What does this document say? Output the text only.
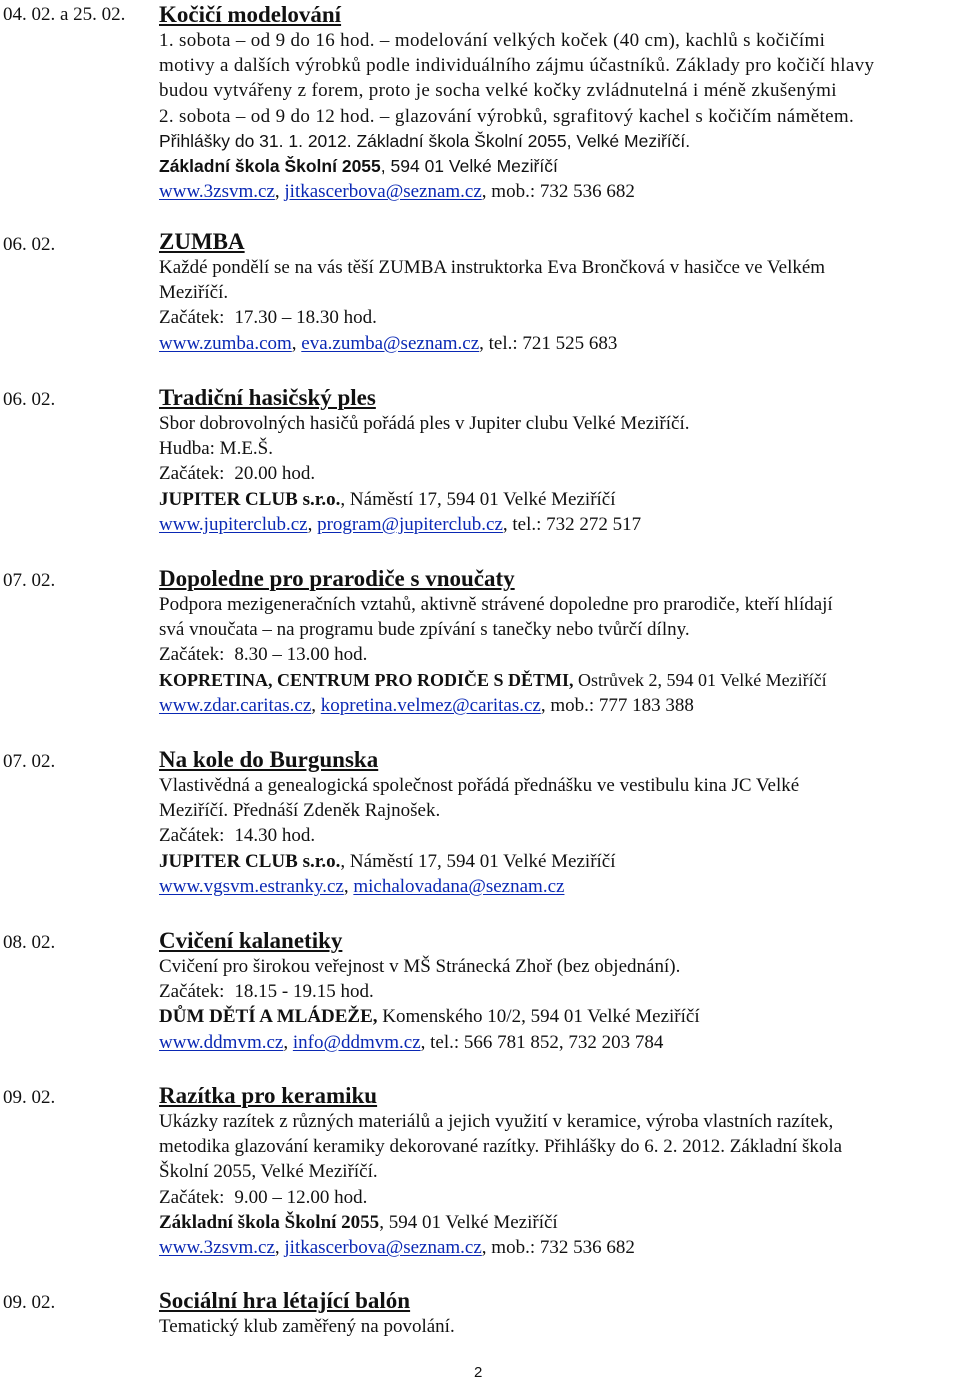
04. 02. a 25. 02. Kočičí modelování
1. sobota – od 9 do 16 hod. – modelování velkých koček (40 cm), kachlů s kočičími
motivy a dalších výrobků podle individuálního zájmu účastníků. Základy pro kočičí hlavy
budou vytvářeny z forem, proto je socha velké kočky zvládnutelná i méně zkušenými
2. sobota – od 9 do 12 hod. – glazování výrobků, sgrafitový kachel s kočičím námětem.
Přihlášky do 31. 1. 2012. Základní škola Školní 2055, Velké Meziříčí.
Základní škola Školní 2055, 594 01 Velké Meziříčí
www.3zsvm.cz, jitkascerbova@seznam.cz, mob.: 732 536 682
06. 02.	ZUMBA
Každé pondělí se na vás těší ZUMBA instruktorka Eva Brončková v hasičce ve Velkém
Meziříčí.
Začátek: 17.30 – 18.30 hod.
www.zumba.com, eva.zumba@seznam.cz, tel.: 721 525 683
06. 02.	Tradiční hasičský ples
Sbor dobrovolných hasičů pořádá ples v Jupiter clubu Velké Meziříčí.
Hudba: M.E.Š.
Začátek: 20.00 hod.
JUPITER CLUB s.r.o., Náměstí 17, 594 01 Velké Meziříčí
www.jupiterclub.cz, program@jupiterclub.cz, tel.: 732 272 517
07. 02.	Dopoledne pro prarodiče s vnoučaty
Podpora mezigeneračních vztahů, aktivně strávené dopoledne pro prarodiče, kteří hlídají
svá vnoučata – na programu bude zpívání s tanečky nebo tvůrčí dílny.
Začátek: 8.30 – 13.00 hod.
KOPRETINA, CENTRUM PRO RODIČE S DĚTMI, Ostrůvek 2, 594 01 Velké Meziříčí
www.zdar.caritas.cz, kopretina.velmez@caritas.cz, mob.: 777 183 388
07. 02.	Na kole do Burgunska
Vlastivědná a genealogická společnost pořádá přednášku ve vestibulu kina JC Velké
Meziříčí. Přednáší Zdeněk Rajnošek.
Začátek: 14.30 hod.
JUPITER CLUB s.r.o., Náměstí 17, 594 01 Velké Meziříčí
www.vgsvm.estranky.cz, michalovadana@seznam.cz
08. 02.	Cvičení kalanetiky
Cvičení pro širokou veřejnost v MŠ Stránecká Zhoř (bez objednání).
Začátek: 18.15 - 19.15 hod.
DŮM DĚTÍ A MLÁDEŽE, Komenského 10/2, 594 01 Velké Meziříčí
www.ddmvm.cz, info@ddmvm.cz, tel.: 566 781 852, 732 203 784
09. 02.	Razítka pro keramiku
Ukázky razítek z různých materiálů a jejich využití v keramice, výroba vlastních razítek,
metodika glazování keramiky dekorované razítky. Přihlášky do 6. 2. 2012. Základní škola
Školní 2055, Velké Meziříčí.
Začátek: 9.00 – 12.00 hod.
Základní škola Školní 2055, 594 01 Velké Meziříčí
www.3zsvm.cz, jitkascerbova@seznam.cz, mob.: 732 536 682
09. 02.	Sociální hra létající balón
Tematický klub zaměřený na povolání.
2
